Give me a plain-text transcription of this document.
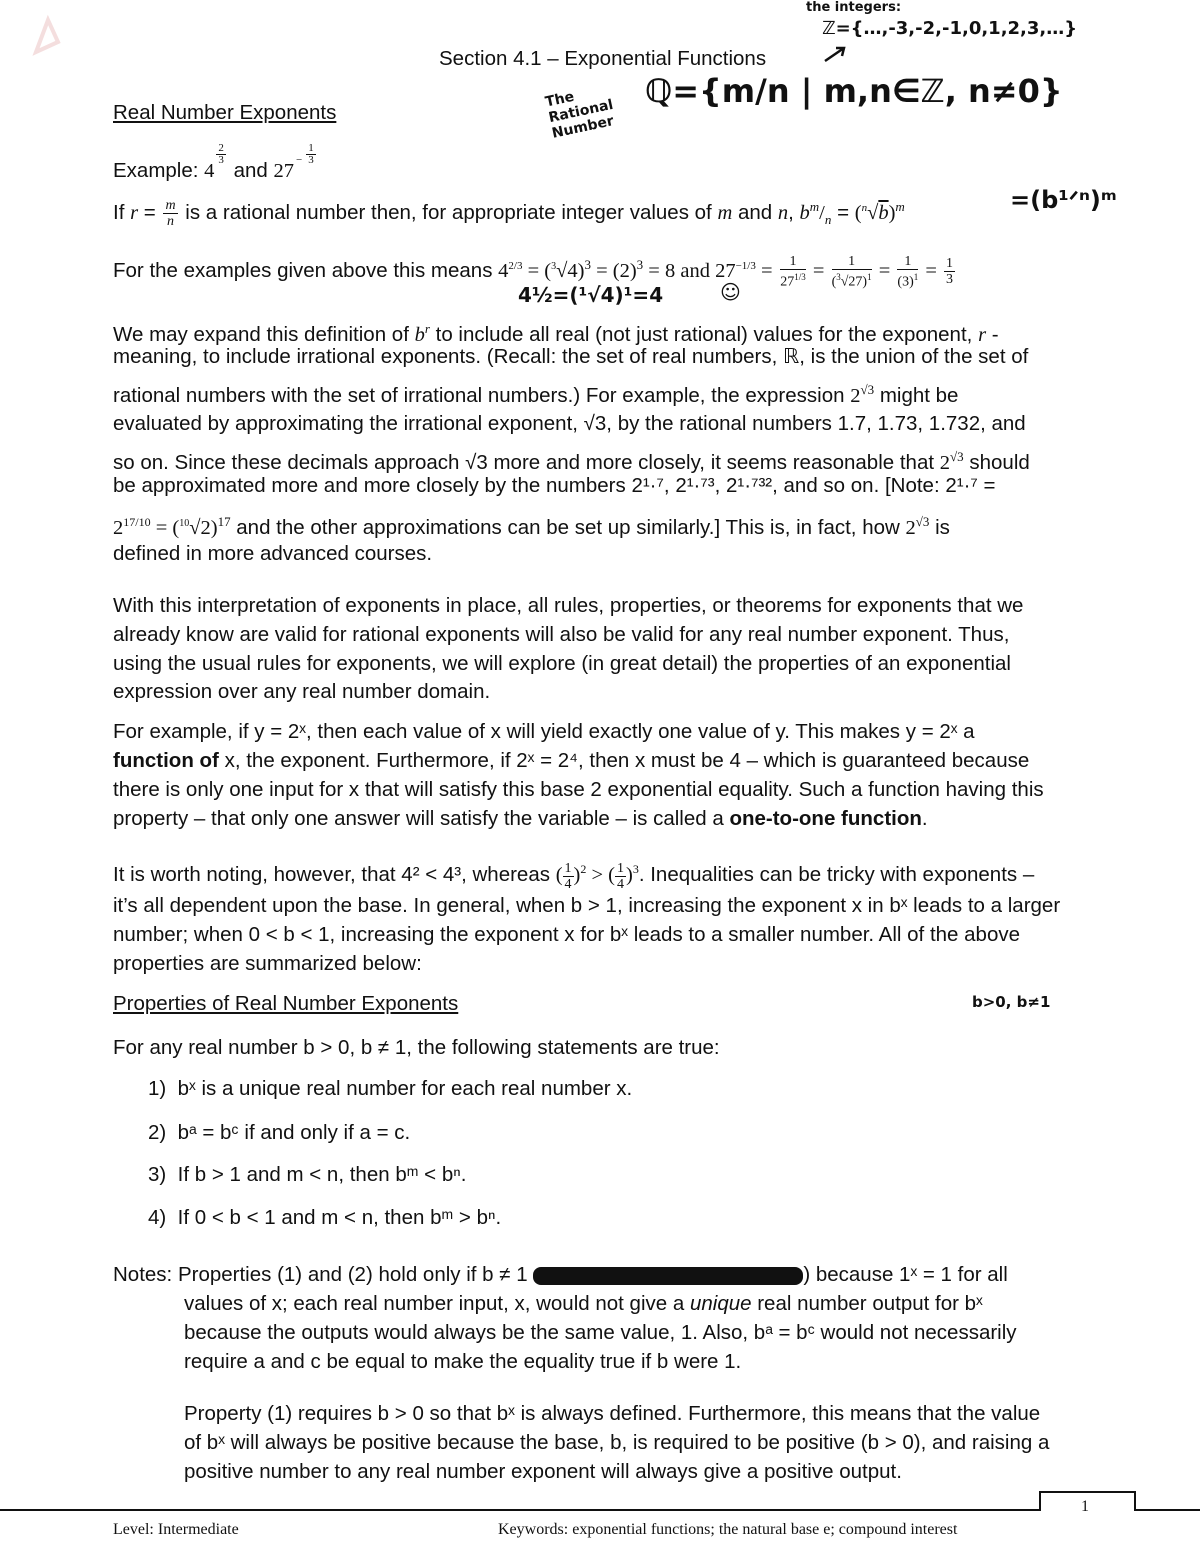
the integers:
ℤ={…,-3,-2,-1,0,1,2,3,…}
The Rational Number
ℚ={m/n | m,n∈ℤ, n≠0}
=(b¹ᐟⁿ)ᵐ
4½=(¹√4)¹=4	☺
b>0, b≠1
Section 4.1 – Exponential Functions
Real Number Exponents
Example: 4
$\frac{2}{3}$
and $27 - \frac{1}{3}$
If $r = \frac{m}{n}$ is a rational number then, for appropriate integer values of m and n, $b^m/_n = (^n√b)^m$
For the examples given above this means $4^{2/3} = (^3√4)^3 = (2)^3 = 8$ and $27^{-1/3} = \frac{1}{27^{1/3}} = \frac{1}{(^3√27)^1} = \frac{1}{(3)^1} = \frac{1}{3}$
We may expand this definition of $b^r$ to include all real (not just rational) values for the exponent, r -
meaning, to include irrational exponents. (Recall: the set of real numbers, ℝ, is the union of the set of
rational numbers with the set of irrational numbers.) For example, the expression $2^{√3}$ might be
evaluated by approximating the irrational exponent, √3, by the rational numbers 1.7, 1.73, 1.732, and
so on. Since these decimals approach √3 more and more closely, it seems reasonable that $2^{√3}$ should
be approximated more and more closely by the numbers 2¹·⁷, 2¹·⁷³, 2¹·⁷³², and so on. [Note: 2¹·⁷ =
$2^{17/10} = (^{10}√2)^{17}$ and the other approximations can be set up similarly.] This is, in fact, how $2^{√3}$ is
defined in more advanced courses.
With this interpretation of exponents in place, all rules, properties, or theorems for exponents that we
already know are valid for rational exponents will also be valid for any real number exponent. Thus,
using the usual rules for exponents, we will explore (in great detail) the properties of an exponential
expression over any real number domain.
For example, if y = 2ˣ, then each value of x will yield exactly one value of y. This makes y = 2ˣ a
function of x, the exponent. Furthermore, if 2ˣ = 2⁴, then x must be 4 – which is guaranteed because
there is only one input for x that will satisfy this base 2 exponential equality. Such a function having this
property – that only one answer will satisfy the variable – is called a one-to-one function.
It is worth noting, however, that 4² < 4³, whereas ( $\frac{1}{4} )^2$ > ( $\frac{1}{4} )^3$. Inequalities can be tricky with exponents –
it’s all dependent upon the base. In general, when b > 1, increasing the exponent x in bˣ leads to a larger
number; when 0 < b < 1, increasing the exponent x for bˣ leads to a smaller number. All of the above
properties are summarized below:
Properties of Real Number Exponents
For any real number b > 0, b ≠ 1, the following statements are true:
1) bˣ is a unique real number for each real number x.
2) bᵃ = bᶜ if and only if a = c.
3) If b > 1 and m < n, then bᵐ < bⁿ.
4) If 0 < b < 1 and m < n, then bᵐ > bⁿ.
Notes: Properties (1) and (2) hold only if b ≠ 1	) because 1ˣ = 1 for all
values of x; each real number input, x, would not give a unique real number output for bˣ
because the outputs would always be the same value, 1. Also, bᵃ = bᶜ would not necessarily
require a and c be equal to make the equality true if b were 1.
Property (1) requires b > 0 so that bˣ is always defined. Furthermore, this means that the value
of bˣ will always be positive because the base, b, is required to be positive (b > 0), and raising a
positive number to any real number exponent will always give a positive output.
1
Level: Intermediate	Keywords: exponential functions; the natural base e; compound interest
